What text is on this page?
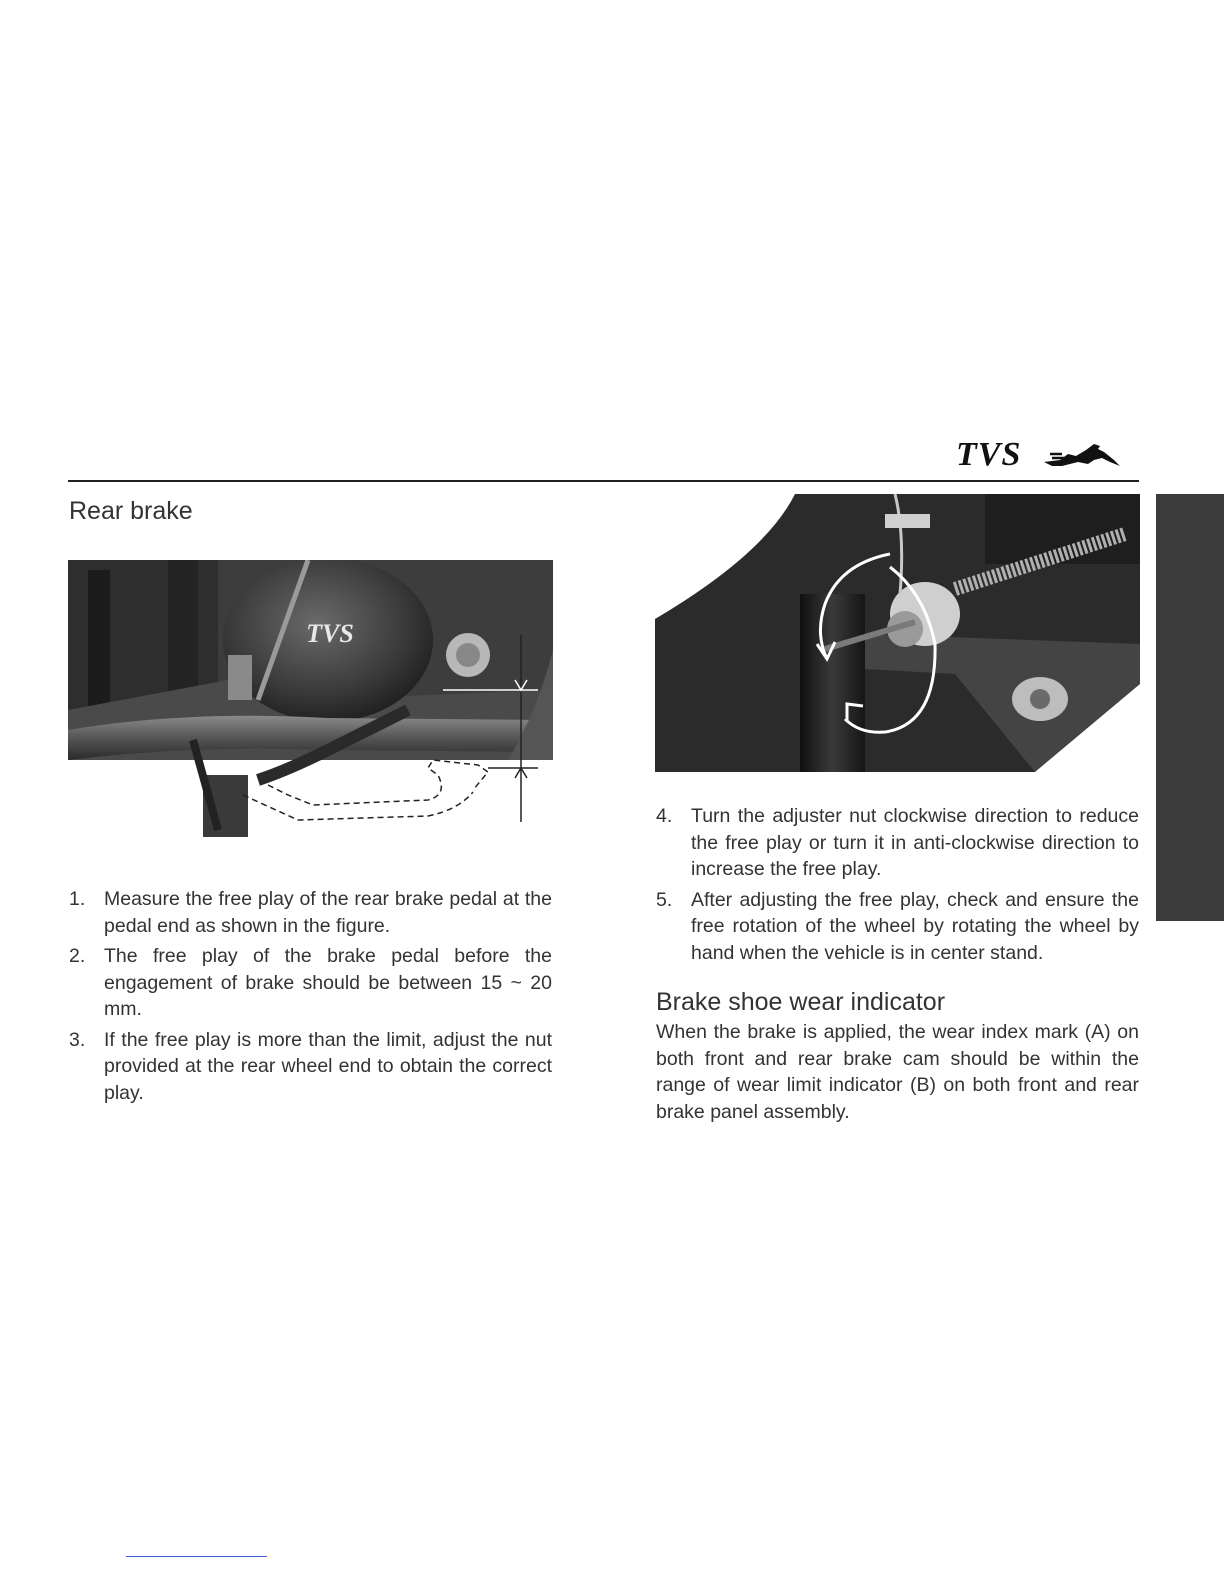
TVS
Rear brake
TVS
1. Measure the free play of the rear brake pedal at the pedal end as shown in the figure.
2. The free play of the brake pedal before the engagement of brake should be between 15 ~ 20 mm.
3. If the free play is more than the limit, adjust the nut provided at the rear wheel end to obtain the correct play.
4. Turn the adjuster nut clockwise direction to reduce the free play or turn it in anti-clockwise direction to increase the free play.
5. After adjusting the free play, check and ensure the free rotation of the wheel by rotating the wheel by hand when the vehicle is in center stand.
Brake shoe wear indicator

When the brake is applied, the wear index mark (A) on both front and rear brake cam should be within the range of wear limit indicator (B) on both front and rear brake panel assembly.
